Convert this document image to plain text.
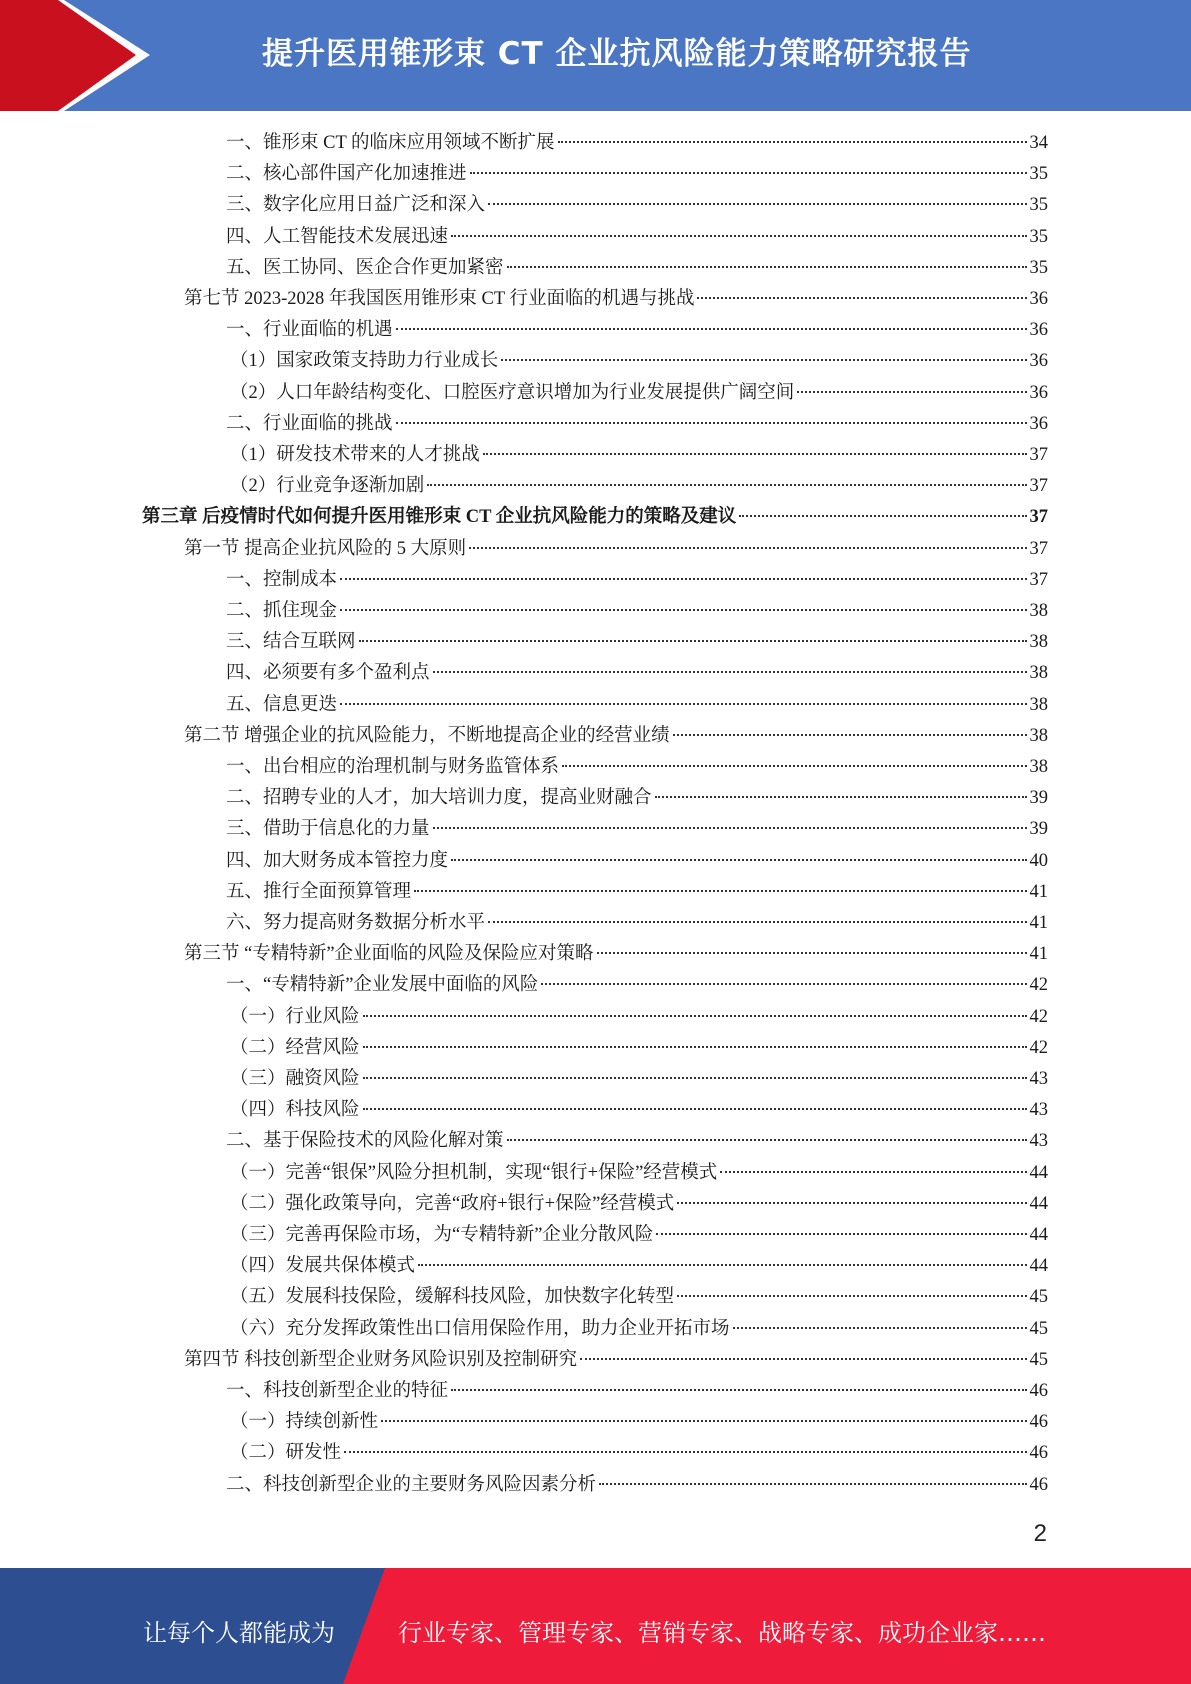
提升医用锥形束 CT 企业抗风险能力策略研究报告
一、锥形束 CT 的临床应用领域不断扩展	34
二、核心部件国产化加速推进	35
三、数字化应用日益广泛和深入	35
四、人工智能技术发展迅速	35
五、医工协同、医企合作更加紧密	35
第七节 2023-2028 年我国医用锥形束 CT 行业面临的机遇与挑战	36
一、行业面临的机遇	36
（1）国家政策支持助力行业成长	36
（2）人口年龄结构变化、口腔医疗意识增加为行业发展提供广阔空间	36
二、行业面临的挑战	36
（1）研发技术带来的人才挑战	37
（2）行业竞争逐渐加剧	37
第三章 后疫情时代如何提升医用锥形束 CT 企业抗风险能力的策略及建议	37
第一节 提高企业抗风险的 5 大原则	37
一、控制成本	37
二、抓住现金	38
三、结合互联网	38
四、必须要有多个盈利点	38
五、信息更迭	38
第二节 增强企业的抗风险能力，不断地提高企业的经营业绩	38
一、出台相应的治理机制与财务监管体系	38
二、招聘专业的人才，加大培训力度，提高业财融合	39
三、借助于信息化的力量	39
四、加大财务成本管控力度	40
五、推行全面预算管理	41
六、努力提高财务数据分析水平	41
第三节 “专精特新”企业面临的风险及保险应对策略	41
一、“专精特新”企业发展中面临的风险	42
（一）行业风险	42
（二）经营风险	42
（三）融资风险	43
（四）科技风险	43
二、基于保险技术的风险化解对策	43
（一）完善“银保”风险分担机制，实现“银行+保险”经营模式	44
（二）强化政策导向，完善“政府+银行+保险”经营模式	44
（三）完善再保险市场，为“专精特新”企业分散风险	44
（四）发展共保体模式	44
（五）发展科技保险，缓解科技风险，加快数字化转型	45
（六）充分发挥政策性出口信用保险作用，助力企业开拓市场	45
第四节 科技创新型企业财务风险识别及控制研究	45
一、科技创新型企业的特征	46
（一）持续创新性	46
（二）研发性	46
二、科技创新型企业的主要财务风险因素分析	46
2
让每个人都能成为	行业专家、管理专家、营销专家、战略专家、成功企业家……
